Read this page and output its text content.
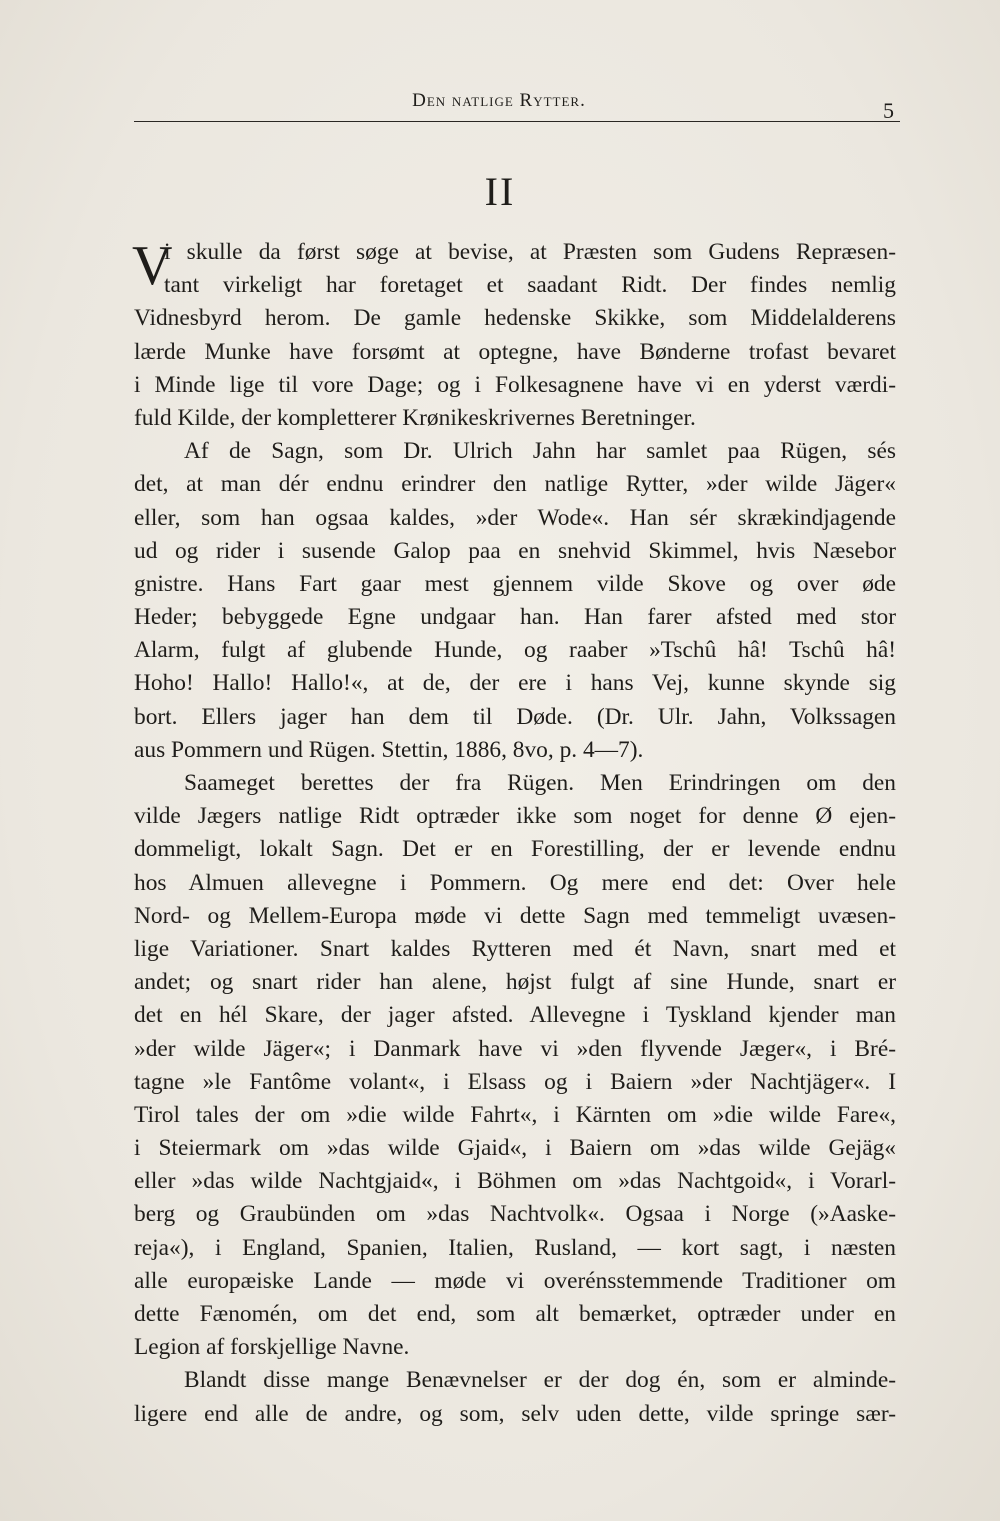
Den natlige Rytter.	5
II
V
i skulle da først søge at bevise, at Præsten som Gudens Repræsen-
tant virkeligt har foretaget et saadant Ridt. Der findes nemlig
Vidnesbyrd herom. De gamle hedenske Skikke, som Middelalderens
lærde Munke have forsømt at optegne, have Bønderne trofast bevaret
i Minde lige til vore Dage; og i Folkesagnene have vi en yderst værdi-
fuld Kilde, der kompletterer Krønikeskrivernes Beretninger.
Af de Sagn, som Dr. Ulrich Jahn har samlet paa Rügen, sés
det, at man dér endnu erindrer den natlige Rytter, »der wilde Jäger«
eller, som han ogsaa kaldes, »der Wode«. Han sér skrækindjagende
ud og rider i susende Galop paa en snehvid Skimmel, hvis Næsebor
gnistre. Hans Fart gaar mest gjennem vilde Skove og over øde
Heder; bebyggede Egne undgaar han. Han farer afsted med stor
Alarm, fulgt af glubende Hunde, og raaber »Tschû hâ! Tschû hâ!
Hoho! Hallo! Hallo!«, at de, der ere i hans Vej, kunne skynde sig
bort. Ellers jager han dem til Døde. (Dr. Ulr. Jahn, Volkssagen
aus Pommern und Rügen. Stettin, 1886, 8vo, p. 4—7).
Saameget berettes der fra Rügen. Men Erindringen om den
vilde Jægers natlige Ridt optræder ikke som noget for denne Ø ejen-
dommeligt, lokalt Sagn. Det er en Forestilling, der er levende endnu
hos Almuen allevegne i Pommern. Og mere end det: Over hele
Nord- og Mellem-Europa møde vi dette Sagn med temmeligt uvæsen-
lige Variationer. Snart kaldes Rytteren med ét Navn, snart med et
andet; og snart rider han alene, højst fulgt af sine Hunde, snart er
det en hél Skare, der jager afsted. Allevegne i Tyskland kjender man
»der wilde Jäger«; i Danmark have vi »den flyvende Jæger«, i Bré-
tagne »le Fantôme volant«, i Elsass og i Baiern »der Nachtjäger«. I
Tirol tales der om »die wilde Fahrt«, i Kärnten om »die wilde Fare«,
i Steiermark om »das wilde Gjaid«, i Baiern om »das wilde Gejäg«
eller »das wilde Nachtgjaid«, i Böhmen om »das Nachtgoid«, i Vorarl-
berg og Graubünden om »das Nachtvolk«. Ogsaa i Norge (»Aaske-
reja«), i England, Spanien, Italien, Rusland, — kort sagt, i næsten
alle europæiske Lande — møde vi overénsstemmende Traditioner om
dette Fænomén, om det end, som alt bemærket, optræder under en
Legion af forskjellige Navne.
Blandt disse mange Benævnelser er der dog én, som er alminde-
ligere end alle de andre, og som, selv uden dette, vilde springe sær-
